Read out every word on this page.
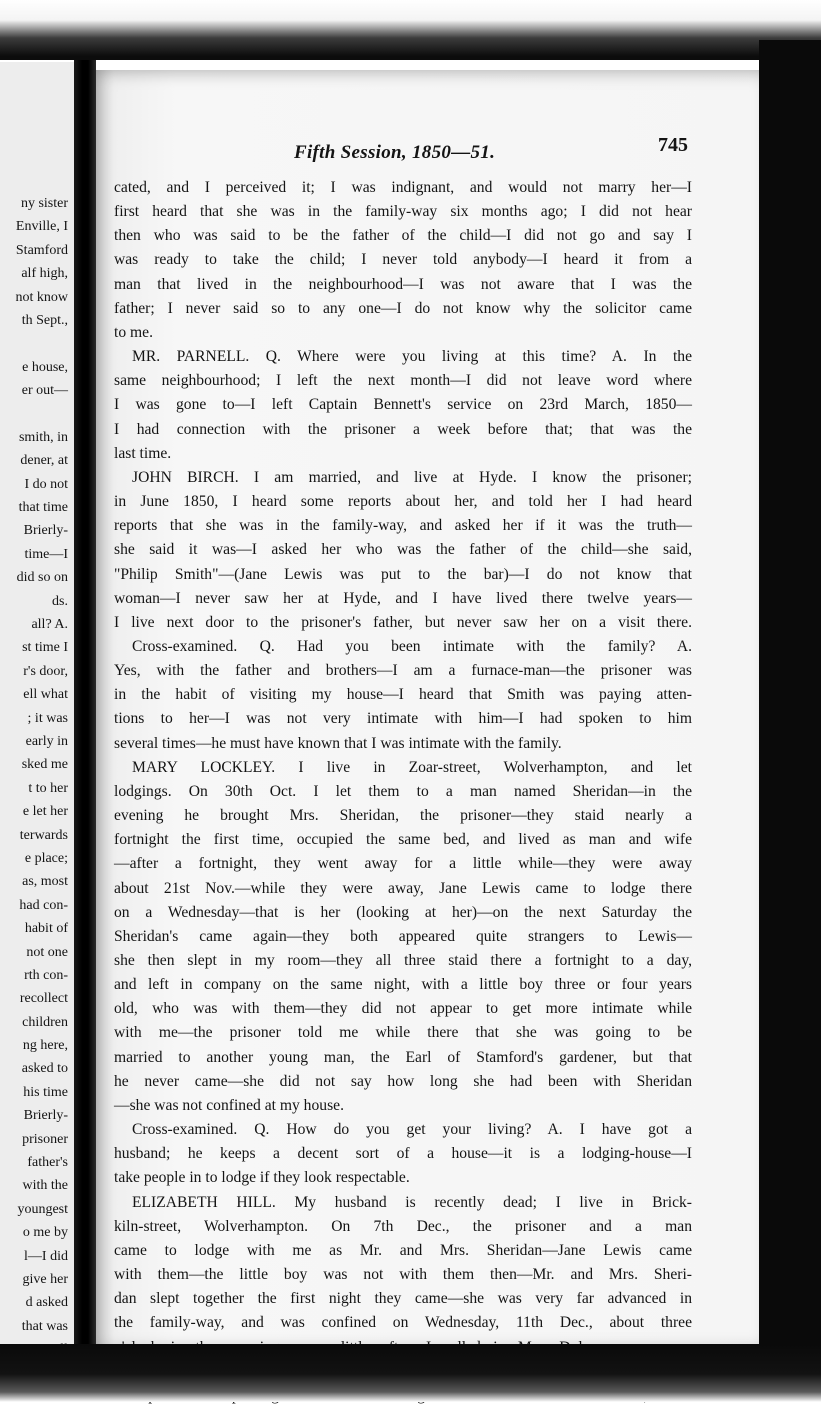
ny sister
Enville, I
Stamford
alf high,
not know
th Sept.,
e house,
er out—
smith, in
dener, at
I do not
that time
Brierly-
time—I
did so on
ds.
all? A.
st time I
r's door,
ell what
; it was
early in
sked me
t to her
e let her
terwards
e place;
as, most
had con-
habit of
not one
rth con-
recollect
children
ng here,
asked to
his time
Brierly-
prisoner
father's
with the
youngest
o me by
l—I did
give her
d asked
that was
Fifth Session, 1850—51.	745
cated, and I perceived it; I was indignant, and would not marry her—I
first heard that she was in the family-way six months ago; I did not hear
then who was said to be the father of the child—I did not go and say I
was ready to take the child; I never told anybody—I heard it from a
man that lived in the neighbourhood—I was not aware that I was the
father; I never said so to any one—I do not know why the solicitor came
to me.
MR. PARNELL. Q. Where were you living at this time? A. In the
same neighbourhood; I left the next month—I did not leave word where
I was gone to—I left Captain Bennett's service on 23rd March, 1850—
I had connection with the prisoner a week before that; that was the
last time.
JOHN BIRCH. I am married, and live at Hyde. I know the prisoner;
in June 1850, I heard some reports about her, and told her I had heard
reports that she was in the family-way, and asked her if it was the truth—
she said it was—I asked her who was the father of the child—she said,
"Philip Smith"—(Jane Lewis was put to the bar)—I do not know that
woman—I never saw her at Hyde, and I have lived there twelve years—
I live next door to the prisoner's father, but never saw her on a visit there.
Cross-examined. Q. Had you been intimate with the family? A.
Yes, with the father and brothers—I am a furnace-man—the prisoner was
in the habit of visiting my house—I heard that Smith was paying atten-
tions to her—I was not very intimate with him—I had spoken to him
several times—he must have known that I was intimate with the family.
MARY LOCKLEY. I live in Zoar-street, Wolverhampton, and let
lodgings. On 30th Oct. I let them to a man named Sheridan—in the
evening he brought Mrs. Sheridan, the prisoner—they staid nearly a
fortnight the first time, occupied the same bed, and lived as man and wife
—after a fortnight, they went away for a little while—they were away
about 21st Nov.—while they were away, Jane Lewis came to lodge there
on a Wednesday—that is her (looking at her)—on the next Saturday the
Sheridan's came again—they both appeared quite strangers to Lewis—
she then slept in my room—they all three staid there a fortnight to a day,
and left in company on the same night, with a little boy three or four years
old, who was with them—they did not appear to get more intimate while
with me—the prisoner told me while there that she was going to be
married to another young man, the Earl of Stamford's gardener, but that
he never came—she did not say how long she had been with Sheridan
—she was not confined at my house.
Cross-examined. Q. How do you get your living? A. I have got a
husband; he keeps a decent sort of a house—it is a lodging-house—I
take people in to lodge if they look respectable.
ELIZABETH HILL. My husband is recently dead; I live in Brick-
kiln-street, Wolverhampton. On 7th Dec., the prisoner and a man
came to lodge with me as Mr. and Mrs. Sheridan—Jane Lewis came
with them—the little boy was not with them then—Mr. and Mrs. Sheri-
dan slept together the first night they came—she was very far advanced in
the family-way, and was confined on Wednesday, 11th Dec., about three
